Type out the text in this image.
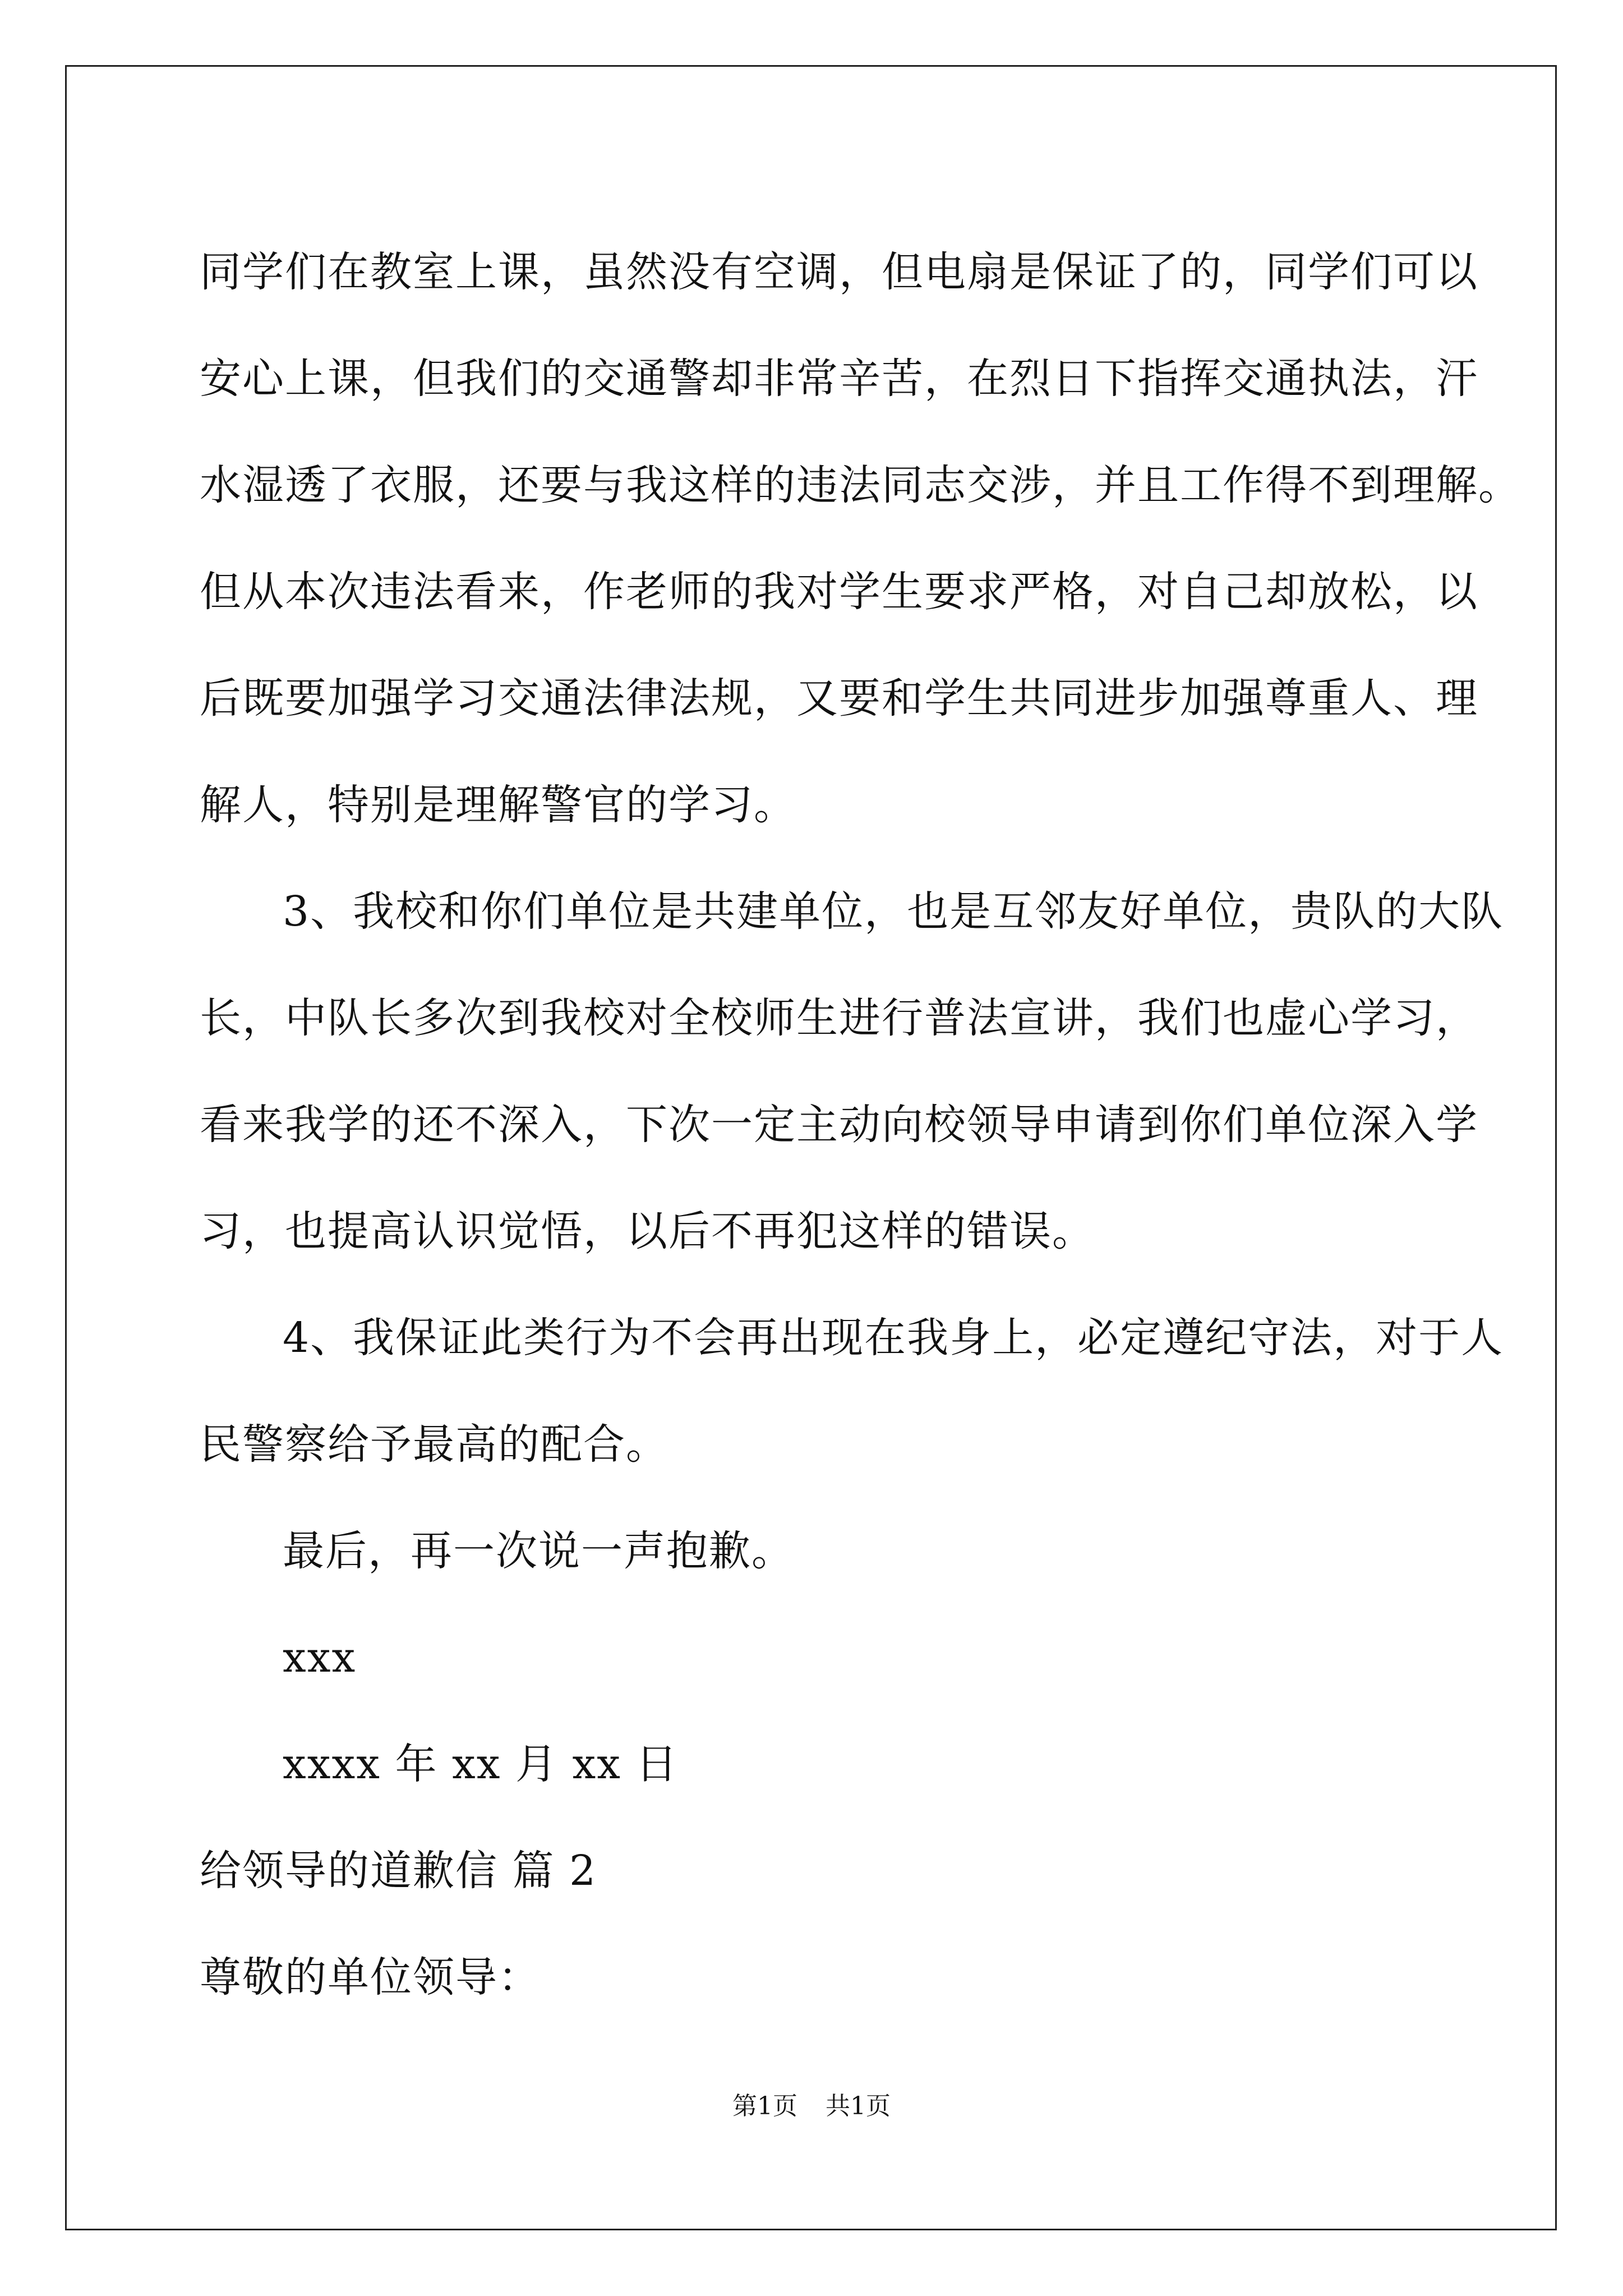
同学们在教室上课，虽然没有空调，但电扇是保证了的，同学们可以
安心上课，但我们的交通警却非常辛苦，在烈日下指挥交通执法，汗
水湿透了衣服，还要与我这样的违法同志交涉，并且工作得不到理解。
但从本次违法看来，作老师的我对学生要求严格，对自己却放松，以
后既要加强学习交通法律法规，又要和学生共同进步加强尊重人、理
解人，特别是理解警官的学习。
3、我校和你们单位是共建单位，也是互邻友好单位，贵队的大队
长，中队长多次到我校对全校师生进行普法宣讲，我们也虚心学习，
看来我学的还不深入，下次一定主动向校领导申请到你们单位深入学
习，也提高认识觉悟，以后不再犯这样的错误。
4、我保证此类行为不会再出现在我身上，必定遵纪守法，对于人
民警察给予最高的配合。
最后，再一次说一声抱歉。
xxx
xxxx 年 xx 月 xx 日
给领导的道歉信 篇 2
尊敬的单位领导：
第1页 共1页
